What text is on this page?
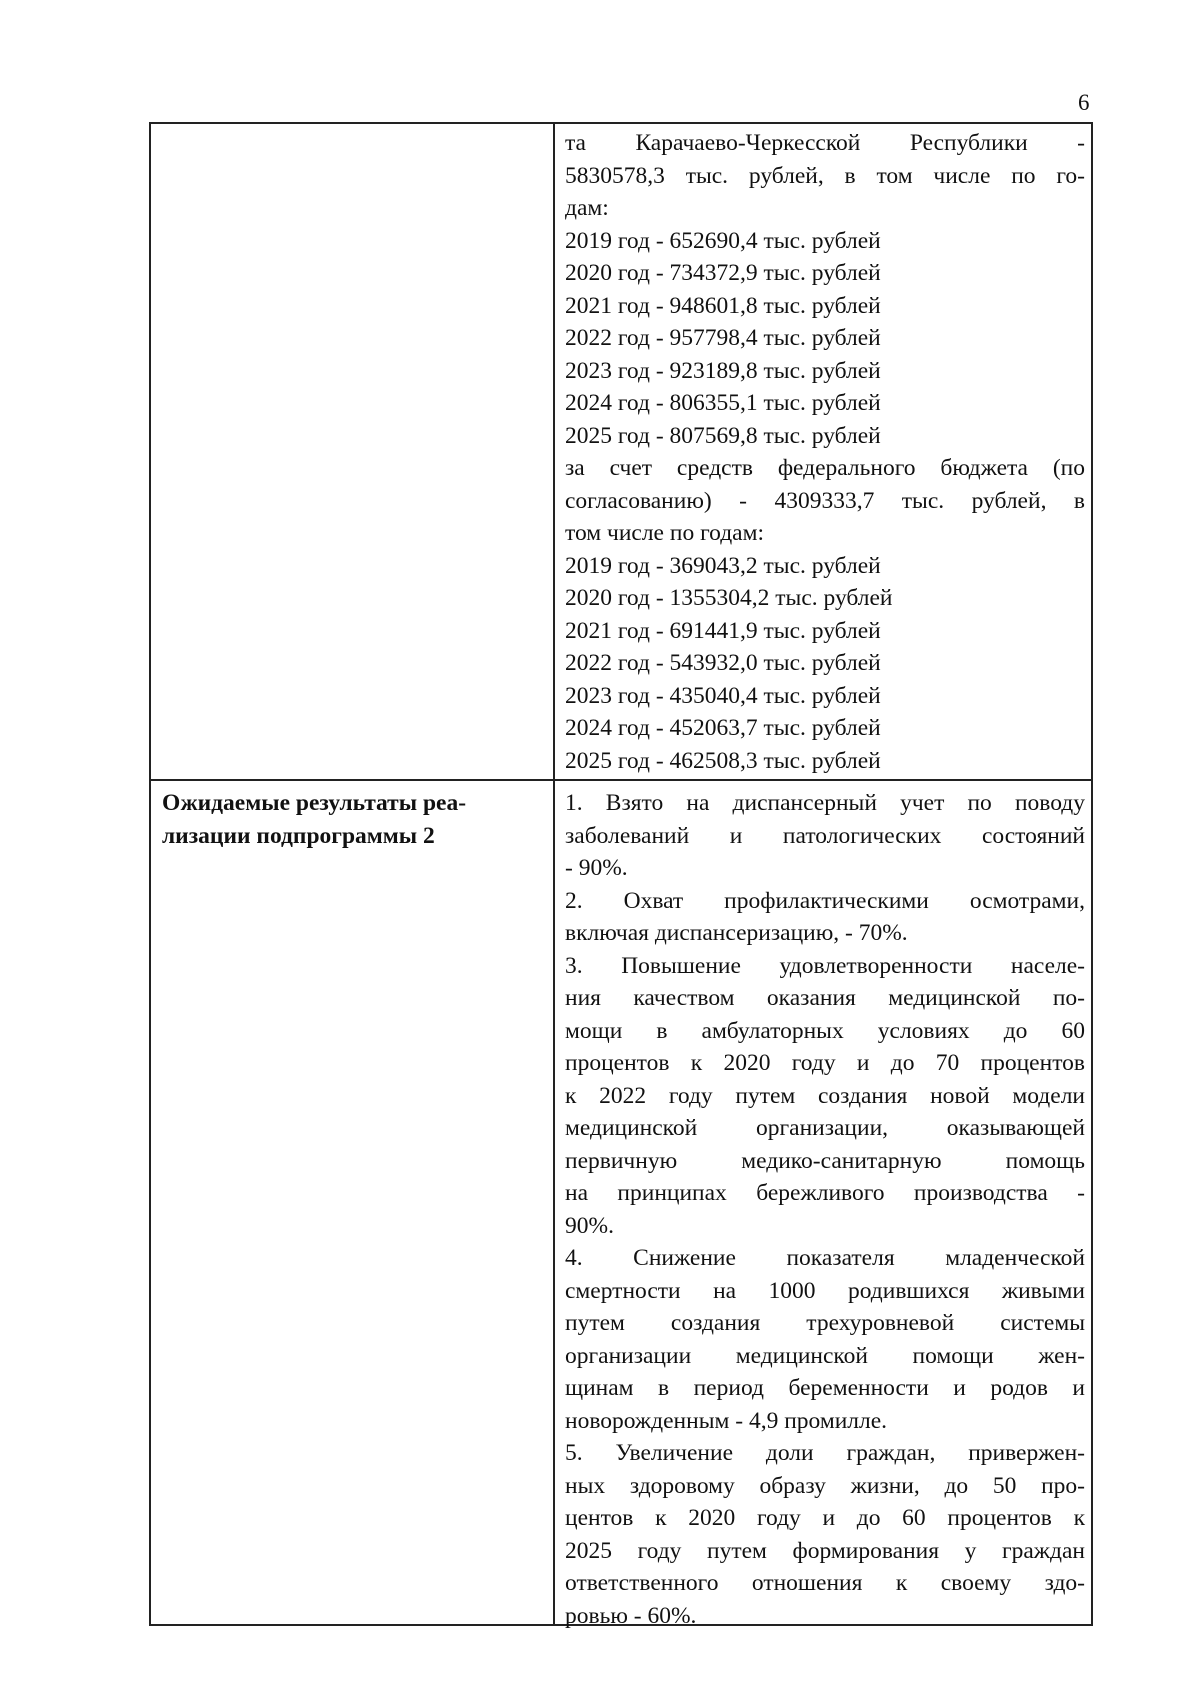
6
та Карачаево-Черкесской Республики -
5830578,3 тыс. рублей, в том числе по го-
дам:
2019 год - 652690,4 тыс. рублей
2020 год - 734372,9 тыс. рублей
2021 год - 948601,8 тыс. рублей
2022 год - 957798,4 тыс. рублей
2023 год - 923189,8 тыс. рублей
2024 год - 806355,1 тыс. рублей
2025 год - 807569,8 тыс. рублей
за счет средств федерального бюджета (по
согласованию) - 4309333,7 тыс. рублей, в
том числе по годам:
2019 год - 369043,2 тыс. рублей
2020 год - 1355304,2 тыс. рублей
2021 год - 691441,9 тыс. рублей
2022 год - 543932,0 тыс. рублей
2023 год - 435040,4 тыс. рублей
2024 год - 452063,7 тыс. рублей
2025 год - 462508,3 тыс. рублей
Ожидаемые результаты реа-
лизации подпрограммы 2
1. Взято на диспансерный учет по поводу
заболеваний и патологических состояний
- 90%.
2. Охват профилактическими осмотрами,
включая диспансеризацию, - 70%.
3. Повышение удовлетворенности населе-
ния качеством оказания медицинской по-
мощи в амбулаторных условиях до 60
процентов к 2020 году и до 70 процентов
к 2022 году путем создания новой модели
медицинской организации, оказывающей
первичную медико-санитарную помощь
на принципах бережливого производства -
90%.
4. Снижение показателя младенческой
смертности на 1000 родившихся живыми
путем создания трехуровневой системы
организации медицинской помощи жен-
щинам в период беременности и родов и
новорожденным - 4,9 промилле.
5. Увеличение доли граждан, привержен-
ных здоровому образу жизни, до 50 про-
центов к 2020 году и до 60 процентов к
2025 году путем формирования у граждан
ответственного отношения к своему здо-
ровью - 60%.
